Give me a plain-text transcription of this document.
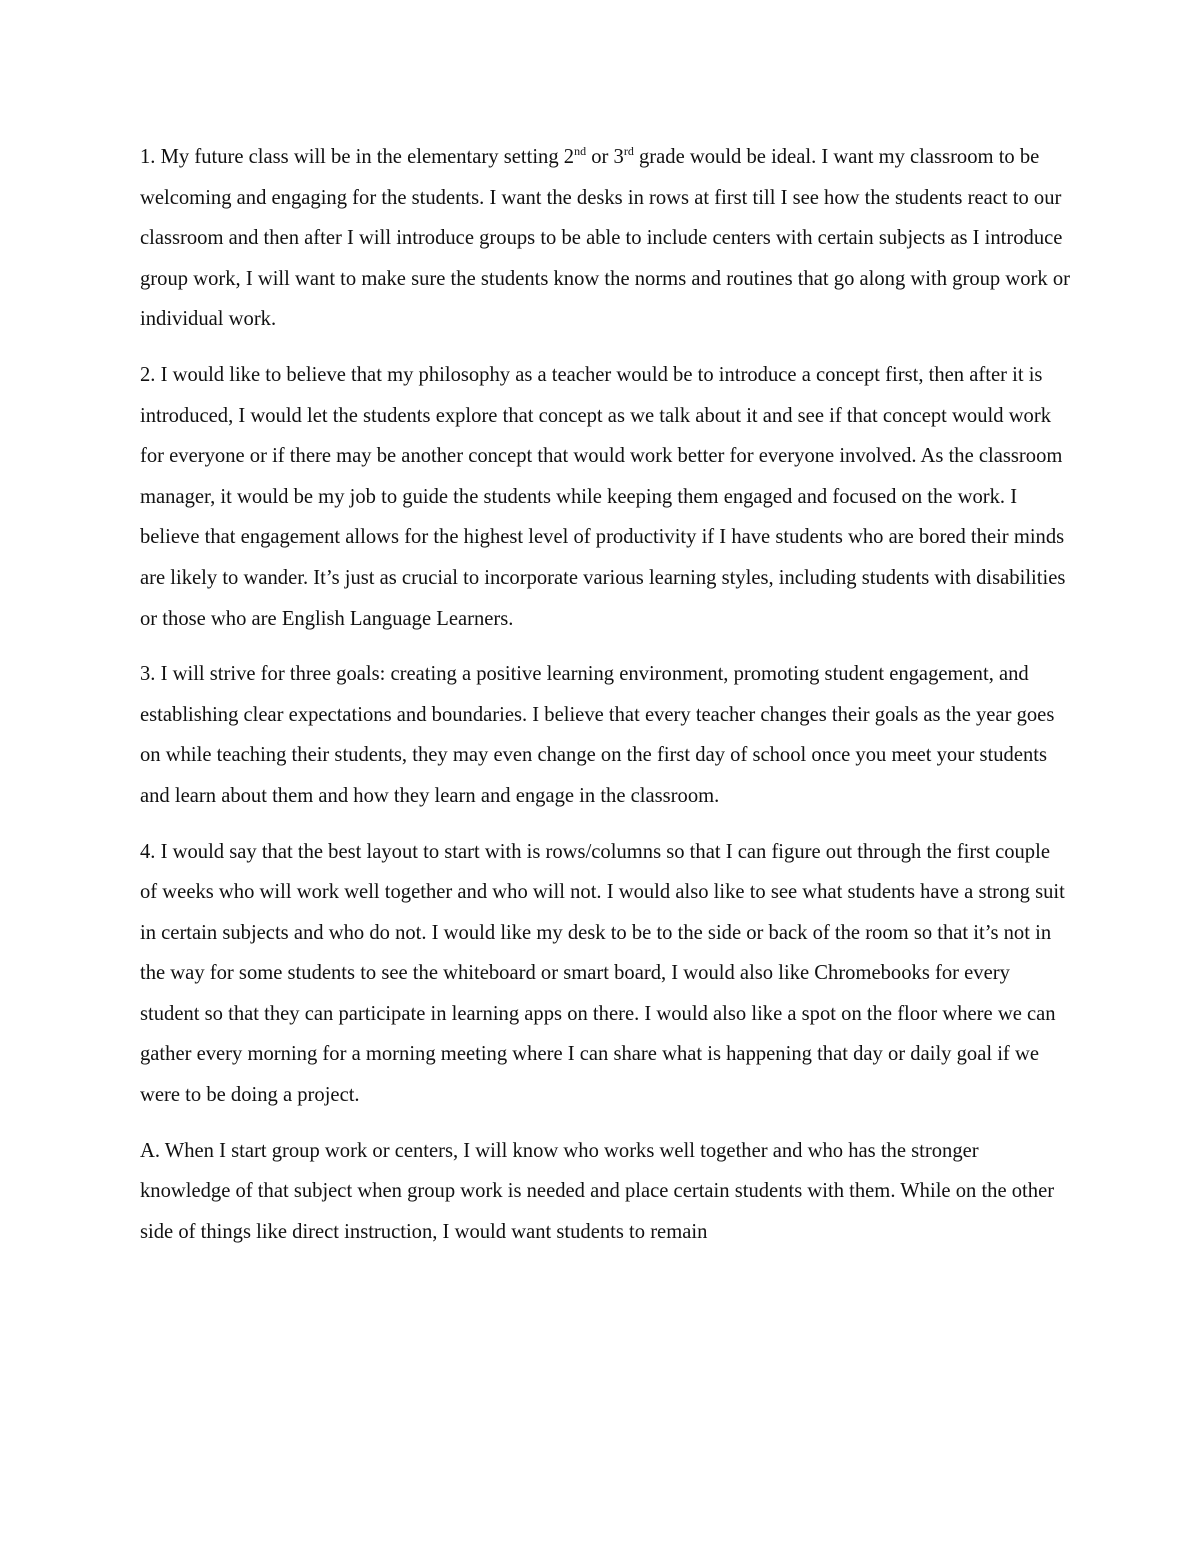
1. My future class will be in the elementary setting 2nd or 3rd grade would be ideal. I want my classroom to be welcoming and engaging for the students. I want the desks in rows at first till I see how the students react to our classroom and then after I will introduce groups to be able to include centers with certain subjects as I introduce group work, I will want to make sure the students know the norms and routines that go along with group work or individual work.

2. I would like to believe that my philosophy as a teacher would be to introduce a concept first, then after it is introduced, I would let the students explore that concept as we talk about it and see if that concept would work for everyone or if there may be another concept that would work better for everyone involved. As the classroom manager, it would be my job to guide the students while keeping them engaged and focused on the work. I believe that engagement allows for the highest level of productivity if I have students who are bored their minds are likely to wander. It’s just as crucial to incorporate various learning styles, including students with disabilities or those who are English Language Learners.

3. I will strive for three goals: creating a positive learning environment, promoting student engagement, and establishing clear expectations and boundaries. I believe that every teacher changes their goals as the year goes on while teaching their students, they may even change on the first day of school once you meet your students and learn about them and how they learn and engage in the classroom.

4. I would say that the best layout to start with is rows/columns so that I can figure out through the first couple of weeks who will work well together and who will not. I would also like to see what students have a strong suit in certain subjects and who do not. I would like my desk to be to the side or back of the room so that it’s not in the way for some students to see the whiteboard or smart board, I would also like Chromebooks for every student so that they can participate in learning apps on there. I would also like a spot on the floor where we can gather every morning for a morning meeting where I can share what is happening that day or daily goal if we were to be doing a project.

A. When I start group work or centers, I will know who works well together and who has the stronger knowledge of that subject when group work is needed and place certain students with them. While on the other side of things like direct instruction, I would want students to remain
